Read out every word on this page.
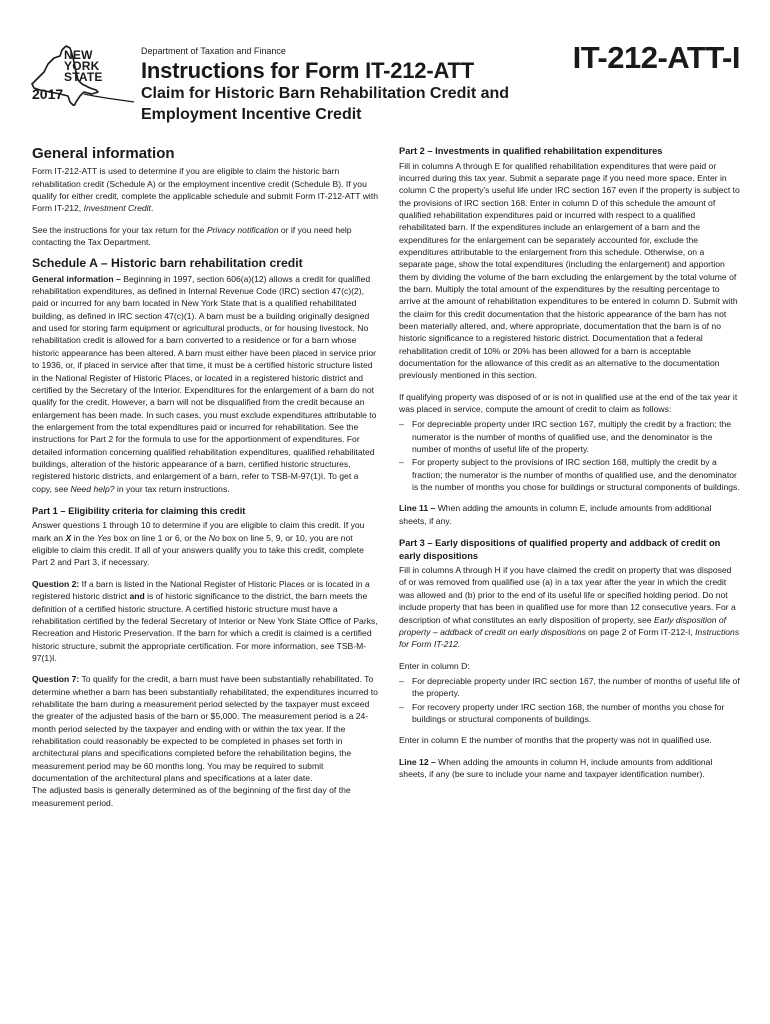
NEW
YORK
STATE
2017
Department of Taxation and Finance
Instructions for Form IT-212-ATT
Claim for Historic Barn Rehabilitation Credit and Employment Incentive Credit
IT-212-ATT-I
General information

Form IT-212-ATT is used to determine if you are eligible to claim the historic barn rehabilitation credit (Schedule A) or the employment incentive credit (Schedule B). If you qualify for either credit, complete the applicable schedule and submit Form IT-212-ATT with Form IT-212, Investment Credit.

See the instructions for your tax return for the Privacy notification or if you need help contacting the Tax Department.

Schedule A – Historic barn rehabilitation credit

General information – Beginning in 1997, section 606(a)(12) allows a credit for qualified rehabilitation expenditures, as defined in Internal Revenue Code (IRC) section 47(c)(2), paid or incurred for any barn located in New York State that is a qualified rehabilitated building, as defined in IRC section 47(c)(1). A barn must be a building originally designed and used for storing farm equipment or agricultural products, or for housing livestock. No rehabilitation credit is allowed for a barn converted to a residence or for a barn whose historic appearance has been altered. A barn must either have been placed in service prior to 1936, or, if placed in service after that time, it must be a certified historic structure listed in the National Register of Historic Places, or located in a registered historic district and certified by the Secretary of the Interior. Expenditures for the enlargement of a barn do not qualify for the credit. However, a barn will not be disqualified from the credit because an enlargement has been made. In such cases, you must exclude expenditures attributable to the enlargement from the total expenditures paid or incurred for rehabilitation. See the instructions for Part 2 for the formula to use for the apportionment of expenditures. For detailed information concerning qualified rehabilitation expenditures, qualified rehabilitated buildings, alteration of the historic appearance of a barn, certified historic structures, registered historic districts, and enlargement of a barn, refer to TSB-M-97(1)I. To get a copy, see Need help? in your tax return instructions.

Part 1 – Eligibility criteria for claiming this credit

Answer questions 1 through 10 to determine if you are eligible to claim this credit. If you mark an X in the Yes box on line 1 or 6, or the No box on line 5, 9, or 10, you are not eligible to claim this credit. If all of your answers qualify you to take this credit, complete Part 2 and Part 3, if necessary.

Question 2: If a barn is listed in the National Register of Historic Places or is located in a registered historic district and is of historic significance to the district, the barn meets the definition of a certified historic structure. A certified historic structure must have a rehabilitation certified by the federal Secretary of Interior or New York State Office of Parks, Recreation and Historic Preservation. If the barn for which a credit is claimed is a certified historic structure, submit the appropriate certification. For more information, see TSB-M-97(1)I.

Question 7: To qualify for the credit, a barn must have been substantially rehabilitated. To determine whether a barn has been substantially rehabilitated, the expenditures incurred to rehabilitate the barn during a measurement period selected by the taxpayer must exceed the greater of the adjusted basis of the barn or $5,000. The measurement period is a 24-month period selected by the taxpayer and ending with or within the tax year. If the rehabilitation could reasonably be expected to be completed in phases set forth in architectural plans and specifications completed before the rehabilitation begins, the measurement period may be 60 months long. You may be required to submit documentation of the architectural plans and specifications at a later date.

The adjusted basis is generally determined as of the beginning of the first day of the measurement period.

Part 2 – Investments in qualified rehabilitation expenditures

Fill in columns A through E for qualified rehabilitation expenditures that were paid or incurred during this tax year. Submit a separate page if you need more space. Enter in column C the property's useful life under IRC section 167 even if the property is subject to the provisions of IRC section 168. Enter in column D of this schedule the amount of qualified rehabilitation expenditures paid or incurred with respect to a qualified rehabilitated barn. If the expenditures include an enlargement of a barn and the expenditures for the enlargement can be separately accounted for, exclude the expenditures attributable to the enlargement from this schedule. Otherwise, on a separate page, show the total expenditures (including the enlargement) and apportion them by dividing the volume of the barn excluding the enlargement by the total volume of the barn. Multiply the total amount of the expenditures by the resulting percentage to arrive at the amount of rehabilitation expenditures to be entered in column D. Submit with the claim for this credit documentation that the historic appearance of the barn has not been materially altered, and, where appropriate, documentation that the barn is of no historic significance to a registered historic district. Documentation that a federal rehabilitation credit of 10% or 20% has been allowed for a barn is acceptable documentation for the allowance of this credit as an alternative to the documentation previously mentioned in this section.

If qualifying property was disposed of or is not in qualified use at the end of the tax year it was placed in service, compute the amount of credit to claim as follows:

– For depreciable property under IRC section 167, multiply the credit by a fraction; the numerator is the number of months of qualified use, and the denominator is the number of months of useful life of the property.
– For property subject to the provisions of IRC section 168, multiply the credit by a fraction; the numerator is the number of months of qualified use, and the denominator is the number of months you chose for buildings or structural components of buildings.

Line 11 – When adding the amounts in column E, include amounts from additional sheets, if any.

Part 3 – Early dispositions of qualified property and addback of credit on early dispositions

Fill in columns A through H if you have claimed the credit on property that was disposed of or was removed from qualified use (a) in a tax year after the year in which the credit was allowed and (b) prior to the end of its useful life or specified holding period. Do not include property that has been in qualified use for more than 12 consecutive years. For a description of what constitutes an early disposition of property, see Early disposition of property – addback of credit on early dispositions on page 2 of Form IT-212-I, Instructions for Form IT-212.

Enter in column D:

– For depreciable property under IRC section 167, the number of months of useful life of the property.
– For recovery property under IRC section 168, the number of months you chose for buildings or structural components of buildings.

Enter in column E the number of months that the property was not in qualified use.

Line 12 – When adding the amounts in column H, include amounts from additional sheets, if any (be sure to include your name and taxpayer identification number).
